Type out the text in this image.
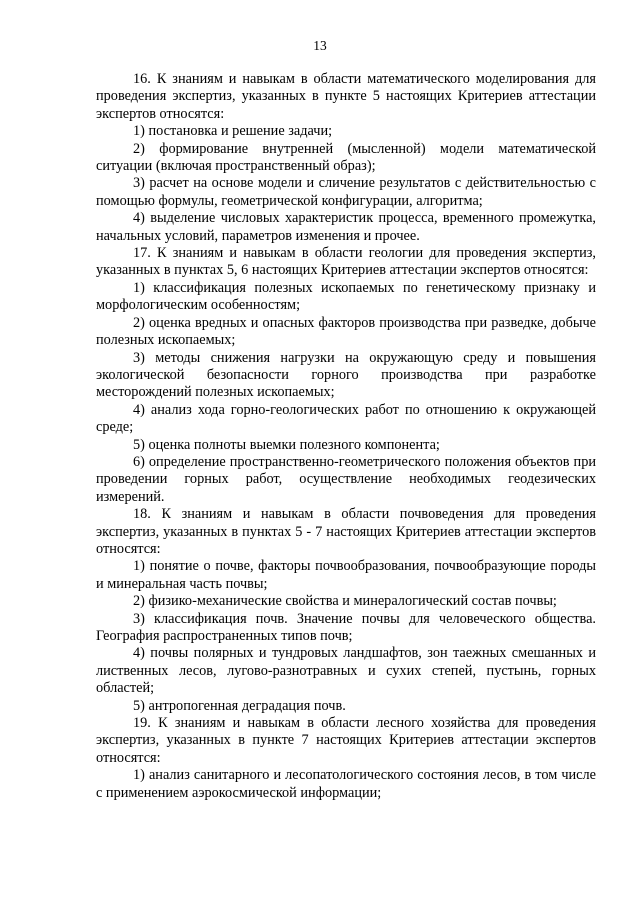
13

16. К знаниям и навыкам в области математического моделирования для проведения экспертиз, указанных в пункте 5 настоящих Критериев аттестации экспертов относятся:

1) постановка и решение задачи;

2) формирование внутренней (мысленной) модели математической ситуации (включая пространственный образ);

3) расчет на основе модели и сличение результатов с действительностью с помощью формулы, геометрической конфигурации, алгоритма;

4) выделение числовых характеристик процесса, временного промежутка, начальных условий, параметров изменения и прочее.

17. К знаниям и навыкам в области геологии для проведения экспертиз, указанных в пунктах 5, 6 настоящих Критериев аттестации экспертов относятся:

1) классификация полезных ископаемых по генетическому признаку и морфологическим особенностям;

2) оценка вредных и опасных факторов производства при разведке, добыче полезных ископаемых;

3) методы снижения нагрузки на окружающую среду и повышения экологической безопасности горного производства при разработке месторождений полезных ископаемых;

4) анализ хода горно-геологических работ по отношению к окружающей среде;

5) оценка полноты выемки полезного компонента;

6) определение пространственно-геометрического положения объектов при проведении горных работ, осуществление необходимых геодезических измерений.

18. К знаниям и навыкам в области почвоведения для проведения экспертиз, указанных в пунктах 5 - 7 настоящих Критериев аттестации экспертов относятся:

1) понятие о почве, факторы почвообразования, почвообразующие породы и минеральная часть почвы;

2) физико-механические свойства и минералогический состав почвы;

3) классификация почв. Значение почвы для человеческого общества. География распространенных типов почв;

4) почвы полярных и тундровых ландшафтов, зон таежных смешанных и лиственных лесов, лугово-разнотравных и сухих степей, пустынь, горных областей;

5) антропогенная деградация почв.

19. К знаниям и навыкам в области лесного хозяйства для проведения экспертиз, указанных в пункте 7 настоящих Критериев аттестации экспертов относятся:

1) анализ санитарного и лесопатологического состояния лесов, в том числе с применением аэрокосмической информации;
